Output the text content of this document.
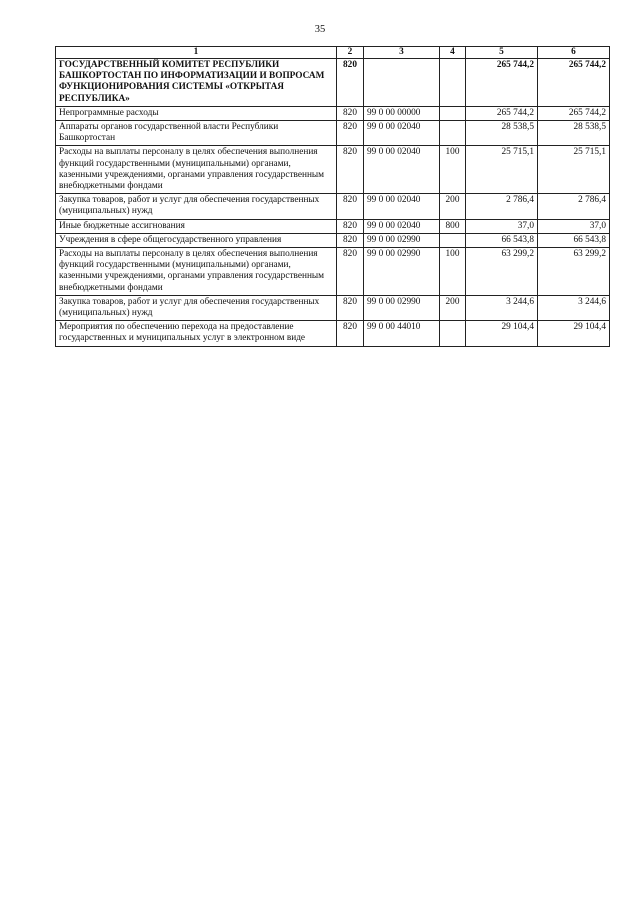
35
1	2	3	4	5	6
ГОСУДАРСТВЕННЫЙ КОМИТЕТ РЕСПУБЛИКИ БАШКОРТОСТАН ПО ИНФОРМАТИЗАЦИИ И ВОПРОСАМ ФУНКЦИОНИРОВАНИЯ СИСТЕМЫ «ОТКРЫТАЯ РЕСПУБЛИКА»	820			265 744,2	265 744,2
Непрограммные расходы	820	99 0 00 00000		265 744,2	265 744,2
Аппараты органов государственной власти Республики Башкортостан	820	99 0 00 02040		28 538,5	28 538,5
Расходы на выплаты персоналу в целях обеспечения выполнения функций государственными (муниципальными) органами, казенными учреждениями, органами управления государственным внебюджетными фондами	820	99 0 00 02040	100	25 715,1	25 715,1
Закупка товаров, работ и услуг для обеспечения государственных (муниципальных) нужд	820	99 0 00 02040	200	2 786,4	2 786,4
Иные бюджетные ассигнования	820	99 0 00 02040	800	37,0	37,0
Учреждения в сфере общегосударственного управления	820	99 0 00 02990		66 543,8	66 543,8
Расходы на выплаты персоналу в целях обеспечения выполнения функций государственными (муниципальными) органами, казенными учреждениями, органами управления государственным внебюджетными фондами	820	99 0 00 02990	100	63 299,2	63 299,2
Закупка товаров, работ и услуг для обеспечения государственных (муниципальных) нужд	820	99 0 00 02990	200	3 244,6	3 244,6
Мероприятия по обеспечению перехода на предоставление государственных и муниципальных услуг в электронном виде	820	99 0 00 44010		29 104,4	29 104,4
